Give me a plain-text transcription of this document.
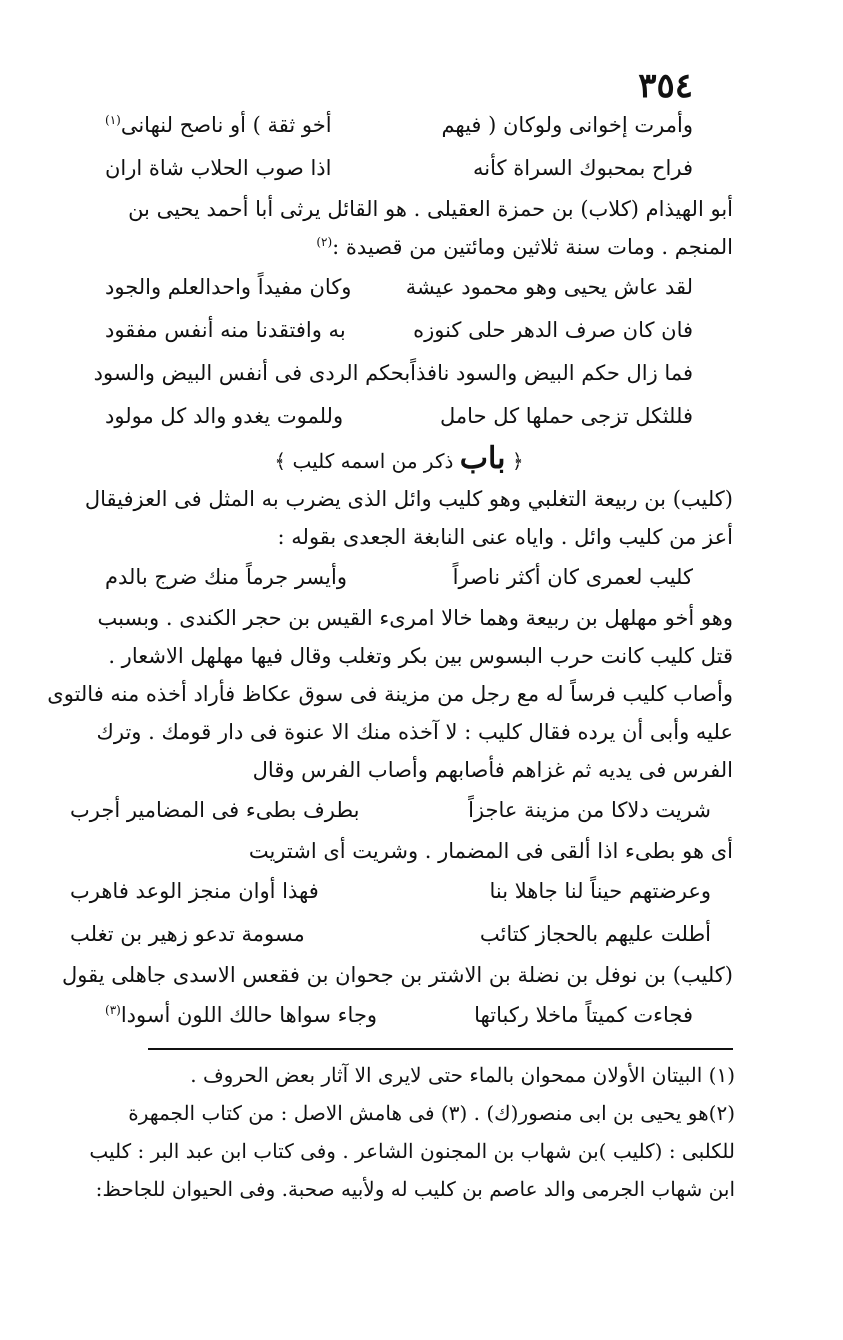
٣٥٤
وأمرت إخوانى ولوكان ( فيهم
أخو ثقة ) أو ناصح لنهانى$^{(١)}$
فراح بمحبوك السراة كأنه
اذا صوب الحلاب شاة اران
أبو الهيذام (كلاب) بن حمزة العقيلى . هو القائل يرثى أبا أحمد يحيى بن
المنجم . ومات سنة ثلاثين ومائتين من قصيدة :$^{(٢)}$
لقد عاش يحيى وهو محمود عيشة
وكان مفيداً واحدالعلم والجود
فان كان صرف الدهر حلى كنوزه
به وافتقدنا منه أنفس مفقود
فما زال حكم البيض والسود نافذاً
بحكم الردى فى أنفس البيض والسود
فللثكل تزجى حملها كل حامل
وللموت يغدو والد كل مولود
﴿ باب ذكر من اسمه كليب ﴾
(كليب) بن ربيعة التغلبي وهو كليب وائل الذى يضرب به المثل فى العزفيقال
أعز من كليب وائل . واياه عنى النابغة الجعدى بقوله :
كليب لعمرى كان أكثر ناصراً
وأيسر جرماً منك ضرج بالدم
وهو أخو مهلهل بن ربيعة وهما خالا امرىء القيس بن حجر الكندى . وبسبب
قتل كليب كانت حرب البسوس بين بكر وتغلب وقال فيها مهلهل الاشعار .
وأصاب كليب فرساً له مع رجل من مزينة فى سوق عكاظ فأراد أخذه منه فالتوى
عليه وأبى أن يرده فقال كليب : لا آخذه منك الا عنوة فى دار قومك . وترك
الفرس فى يديه ثم غزاهم فأصابهم وأصاب الفرس وقال
شريت دلاكا من مزينة عاجزاً
بطرف بطىء فى المضامير أجرب
أى هو بطىء اذا ألقى فى المضمار . وشريت أى اشتريت
وعرضتهم حيناً لنا جاهلا بنا
فهذا أوان منجز الوعد فاهرب
أطلت عليهم بالحجاز كتائب
مسومة تدعو زهير بن تغلب
(كليب) بن نوفل بن نضلة بن الاشتر بن جحوان بن فقعس الاسدى جاهلى يقول
فجاءت كميتاً ماخلا ركباتها
وجاء سواها حالك اللون أسودا$^{(٣)}$
(١) البيتان الأولان ممحوان بالماء حتى لايرى الا آثار بعض الحروف .
(٢)هو يحيى بن ابى منصور(ك) . (٣) فى هامش الاصل : من كتاب الجمهرة
للكلبى : (كليب )بن شهاب بن المجنون الشاعر . وفى كتاب ابن عبد البر : كليب
ابن شهاب الجرمى والد عاصم بن كليب له ولأبيه صحبة. وفى الحيوان للجاحظ:
